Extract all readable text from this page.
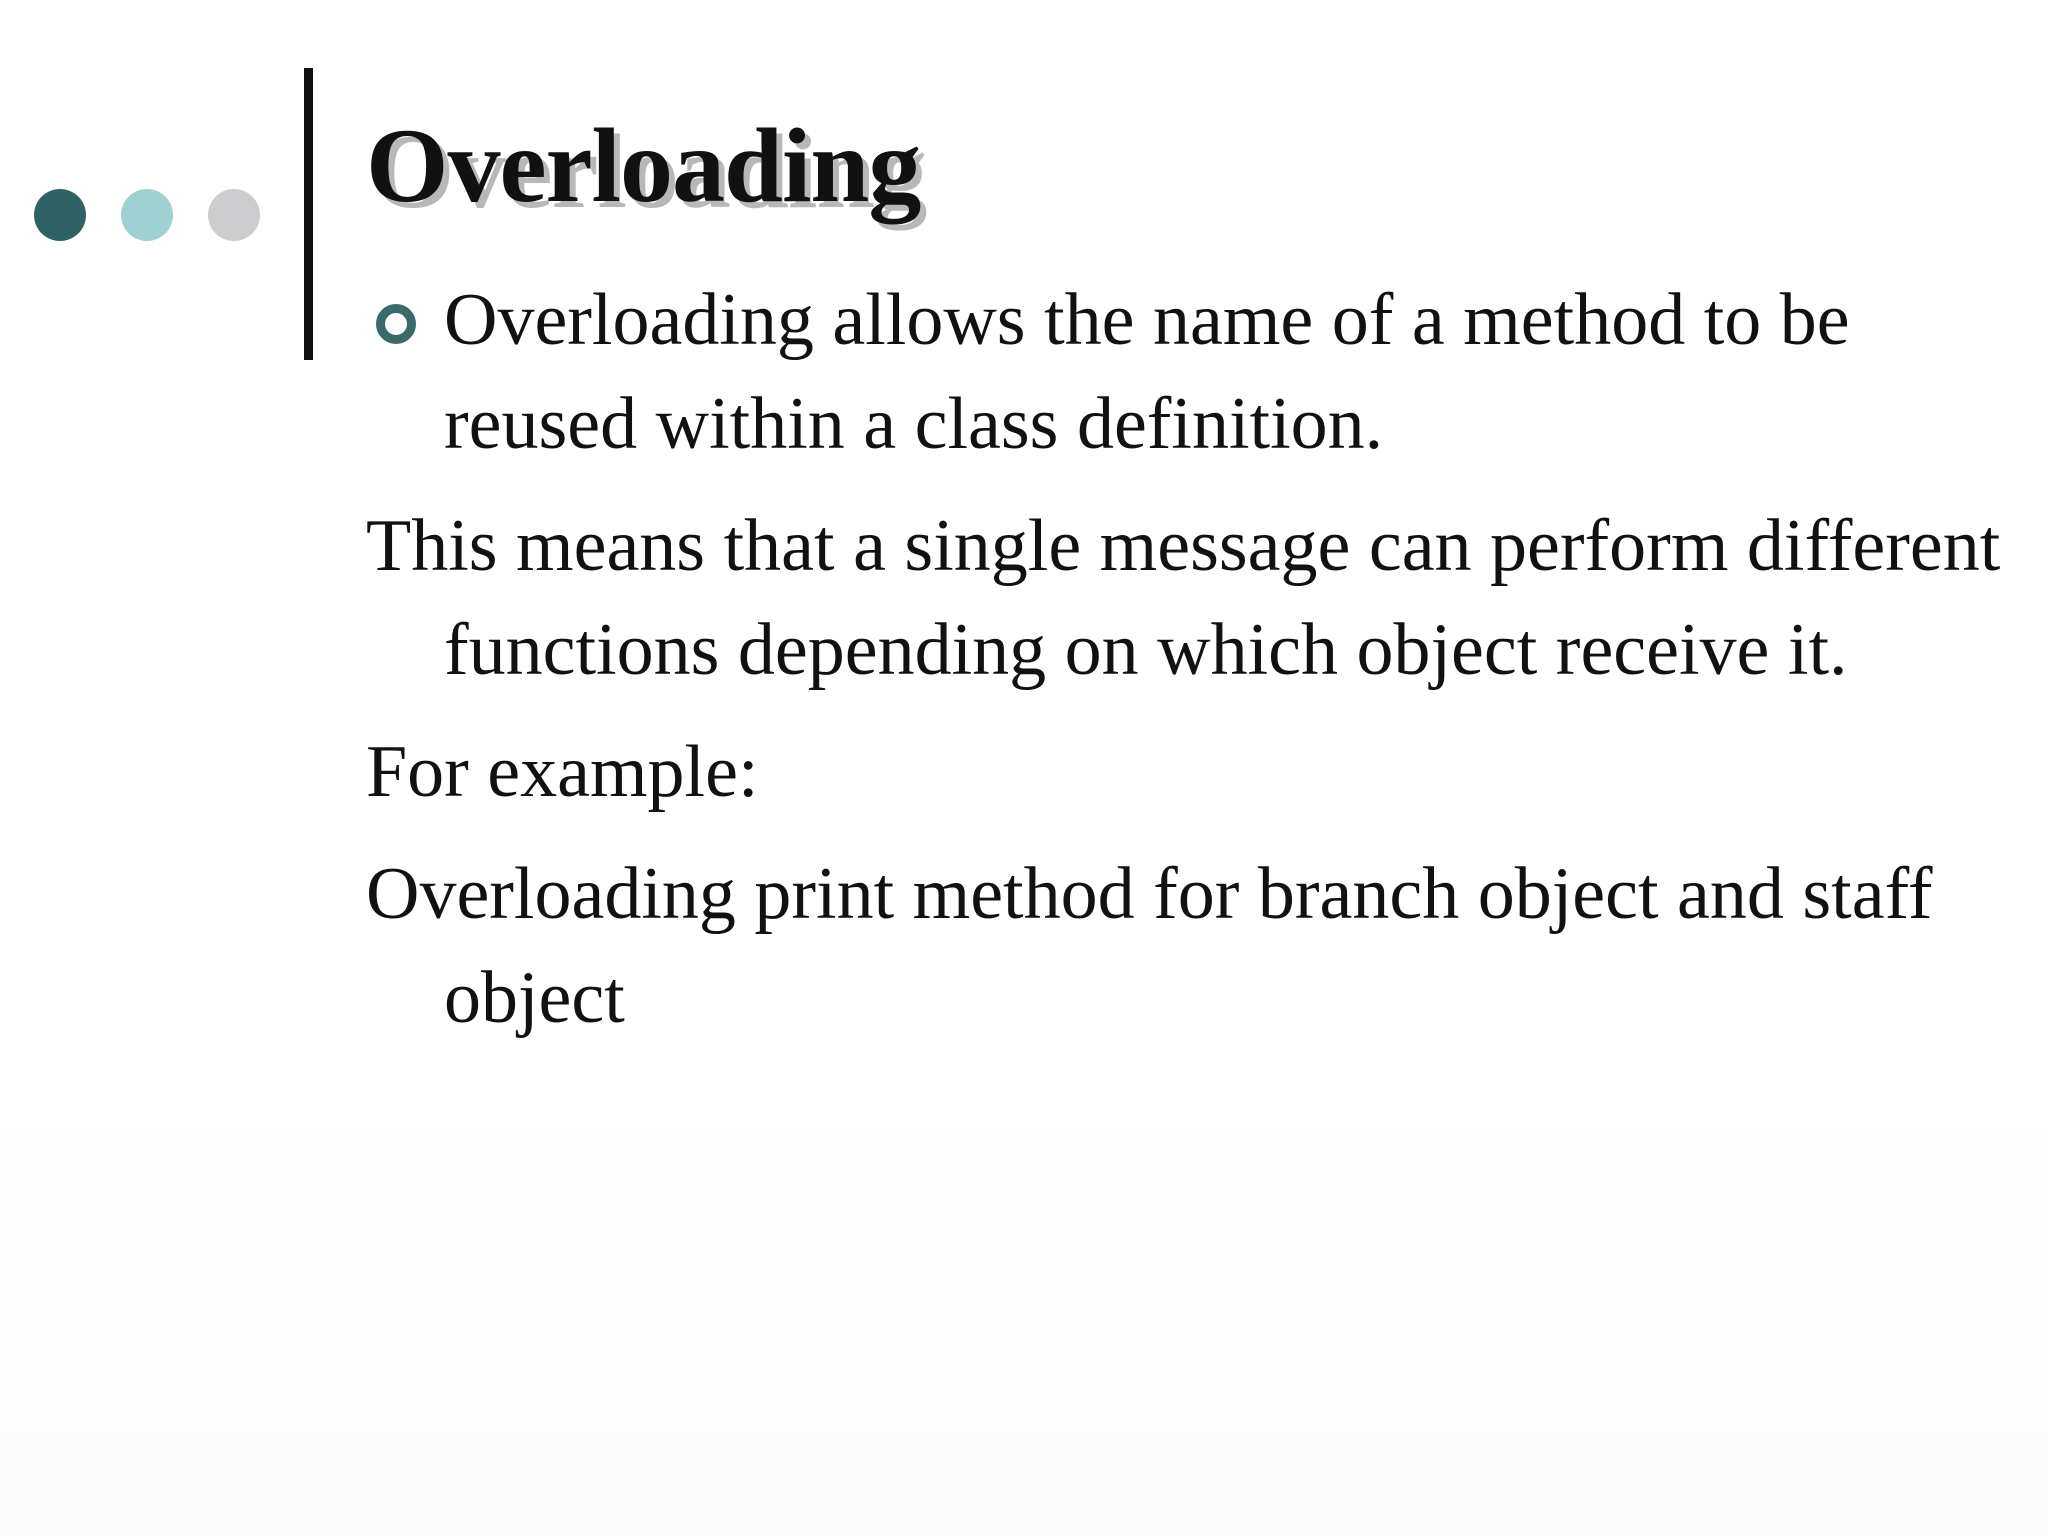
Overloading

Overloading allows the name of a method to be reused within a class definition.

This means that a single message can perform different functions depending on which object receive it.

For example:

Overloading print method for branch object and staff object
